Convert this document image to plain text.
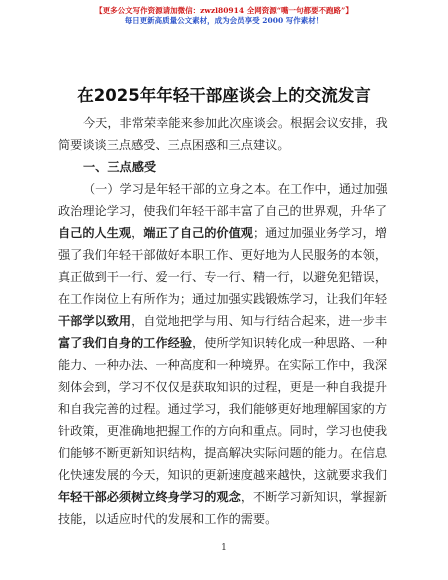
【更多公文写作资源请加微信：zwzl80914 全网资源“嘴一句都要不跑路”】
每日更新高质量公文素材，成为会员享受 2000 写作素材！
在2025年年轻干部座谈会上的交流发言
今天，非常荣幸能来参加此次座谈会。根据会议安排，我
简要谈谈三点感受、三点困惑和三点建议。
一、三点感受
（一）学习是年轻干部的立身之本。在工作中，通过加强
政治理论学习，使我们年轻干部丰富了自己的世界观，升华了
自己的人生观，端正了自己的价值观；通过加强业务学习，增
强了我们年轻干部做好本职工作、更好地为人民服务的本领，
真正做到干一行、爱一行、专一行、精一行，以避免犯错误，
在工作岗位上有所作为；通过加强实践锻炼学习，让我们年轻
干部学以致用，自觉地把学与用、知与行结合起来，进一步丰
富了我们自身的工作经验，使所学知识转化成一种思路、一种
能力、一种办法、一种高度和一种境界。在实际工作中，我深
刻体会到，学习不仅仅是获取知识的过程，更是一种自我提升
和自我完善的过程。通过学习，我们能够更好地理解国家的方
针政策，更准确地把握工作的方向和重点。同时，学习也使我
们能够不断更新知识结构，提高解决实际问题的能力。在信息
化快速发展的今天，知识的更新速度越来越快，这就要求我们
年轻干部必须树立终身学习的观念，不断学习新知识，掌握新
技能，以适应时代的发展和工作的需要。
1
